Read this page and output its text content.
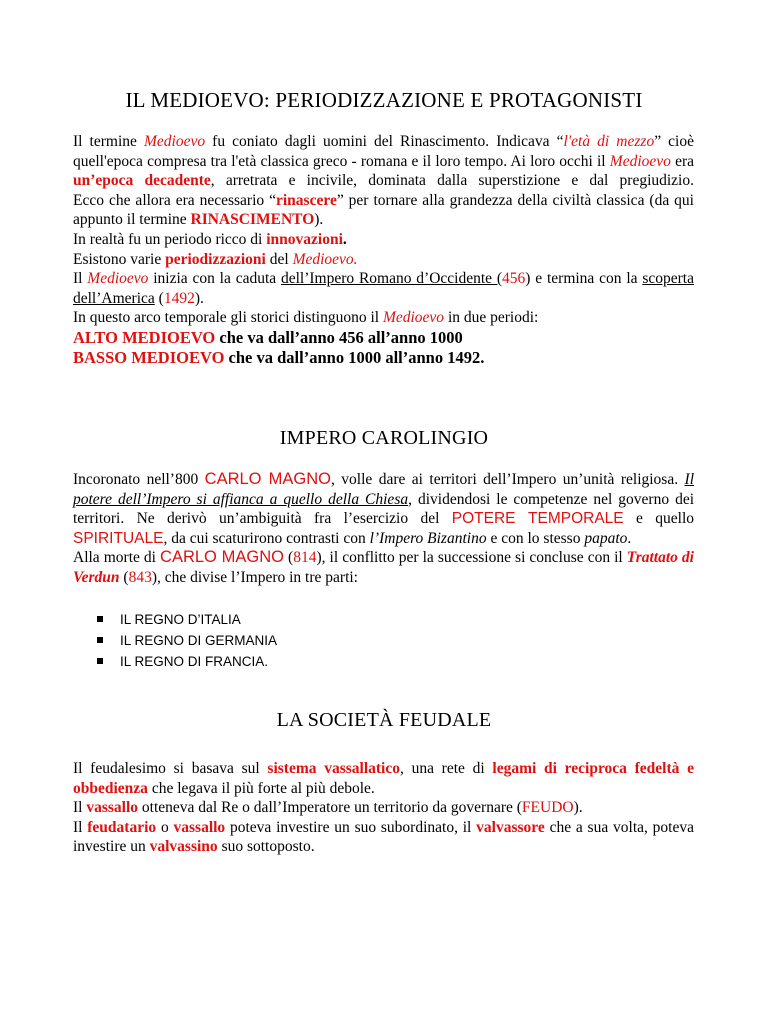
IL MEDIOEVO: PERIODIZZAZIONE E PROTAGONISTI

Il termine Medioevo fu coniato dagli uomini del Rinascimento. Indicava “l'età di mezzo” cioè quell'epoca compresa tra l'età classica greco - romana e il loro tempo. Ai loro occhi il Medioevo era un’epoca decadente, arretrata e incivile, dominata dalla superstizione e dal pregiudizio.

Ecco che allora era necessario “rinascere” per tornare alla grandezza della civiltà classica (da qui appunto il termine RINASCIMENTO).

In realtà fu un periodo ricco di innovazioni.

Esistono varie periodizzazioni del Medioevo.

Il Medioevo inizia con la caduta dell’Impero Romano d’Occidente (456) e termina con la scoperta dell’America (1492).

In questo arco temporale gli storici distinguono il Medioevo in due periodi:

ALTO MEDIOEVO che va dall’anno 456 all’anno 1000

BASSO MEDIOEVO che va dall’anno 1000 all’anno 1492.

IMPERO CAROLINGIO

Incoronato nell’800 CARLO MAGNO, volle dare ai territori dell’Impero un’unità religiosa. Il potere dell’Impero si affianca a quello della Chiesa, dividendosi le competenze nel governo dei territori. Ne derivò un’ambiguità fra l’esercizio del POTERE TEMPORALE e quello SPIRITUALE, da cui scaturirono contrasti con l’Impero Bizantino e con lo stesso papato.

Alla morte di CARLO MAGNO (814), il conflitto per la successione si concluse con il Trattato di Verdun (843), che divise l’Impero in tre parti:

IL REGNO D’ITALIA
IL REGNO DI GERMANIA
IL REGNO DI FRANCIA.
LA SOCIETÀ FEUDALE

Il feudalesimo si basava sul sistema vassallatico, una rete di legami di reciproca fedeltà e obbedienza che legava il più forte al più debole.

Il vassallo otteneva dal Re o dall’Imperatore un territorio da governare (FEUDO).

Il feudatario o vassallo poteva investire un suo subordinato, il valvassore che a sua volta, poteva investire un valvassino suo sottoposto.
